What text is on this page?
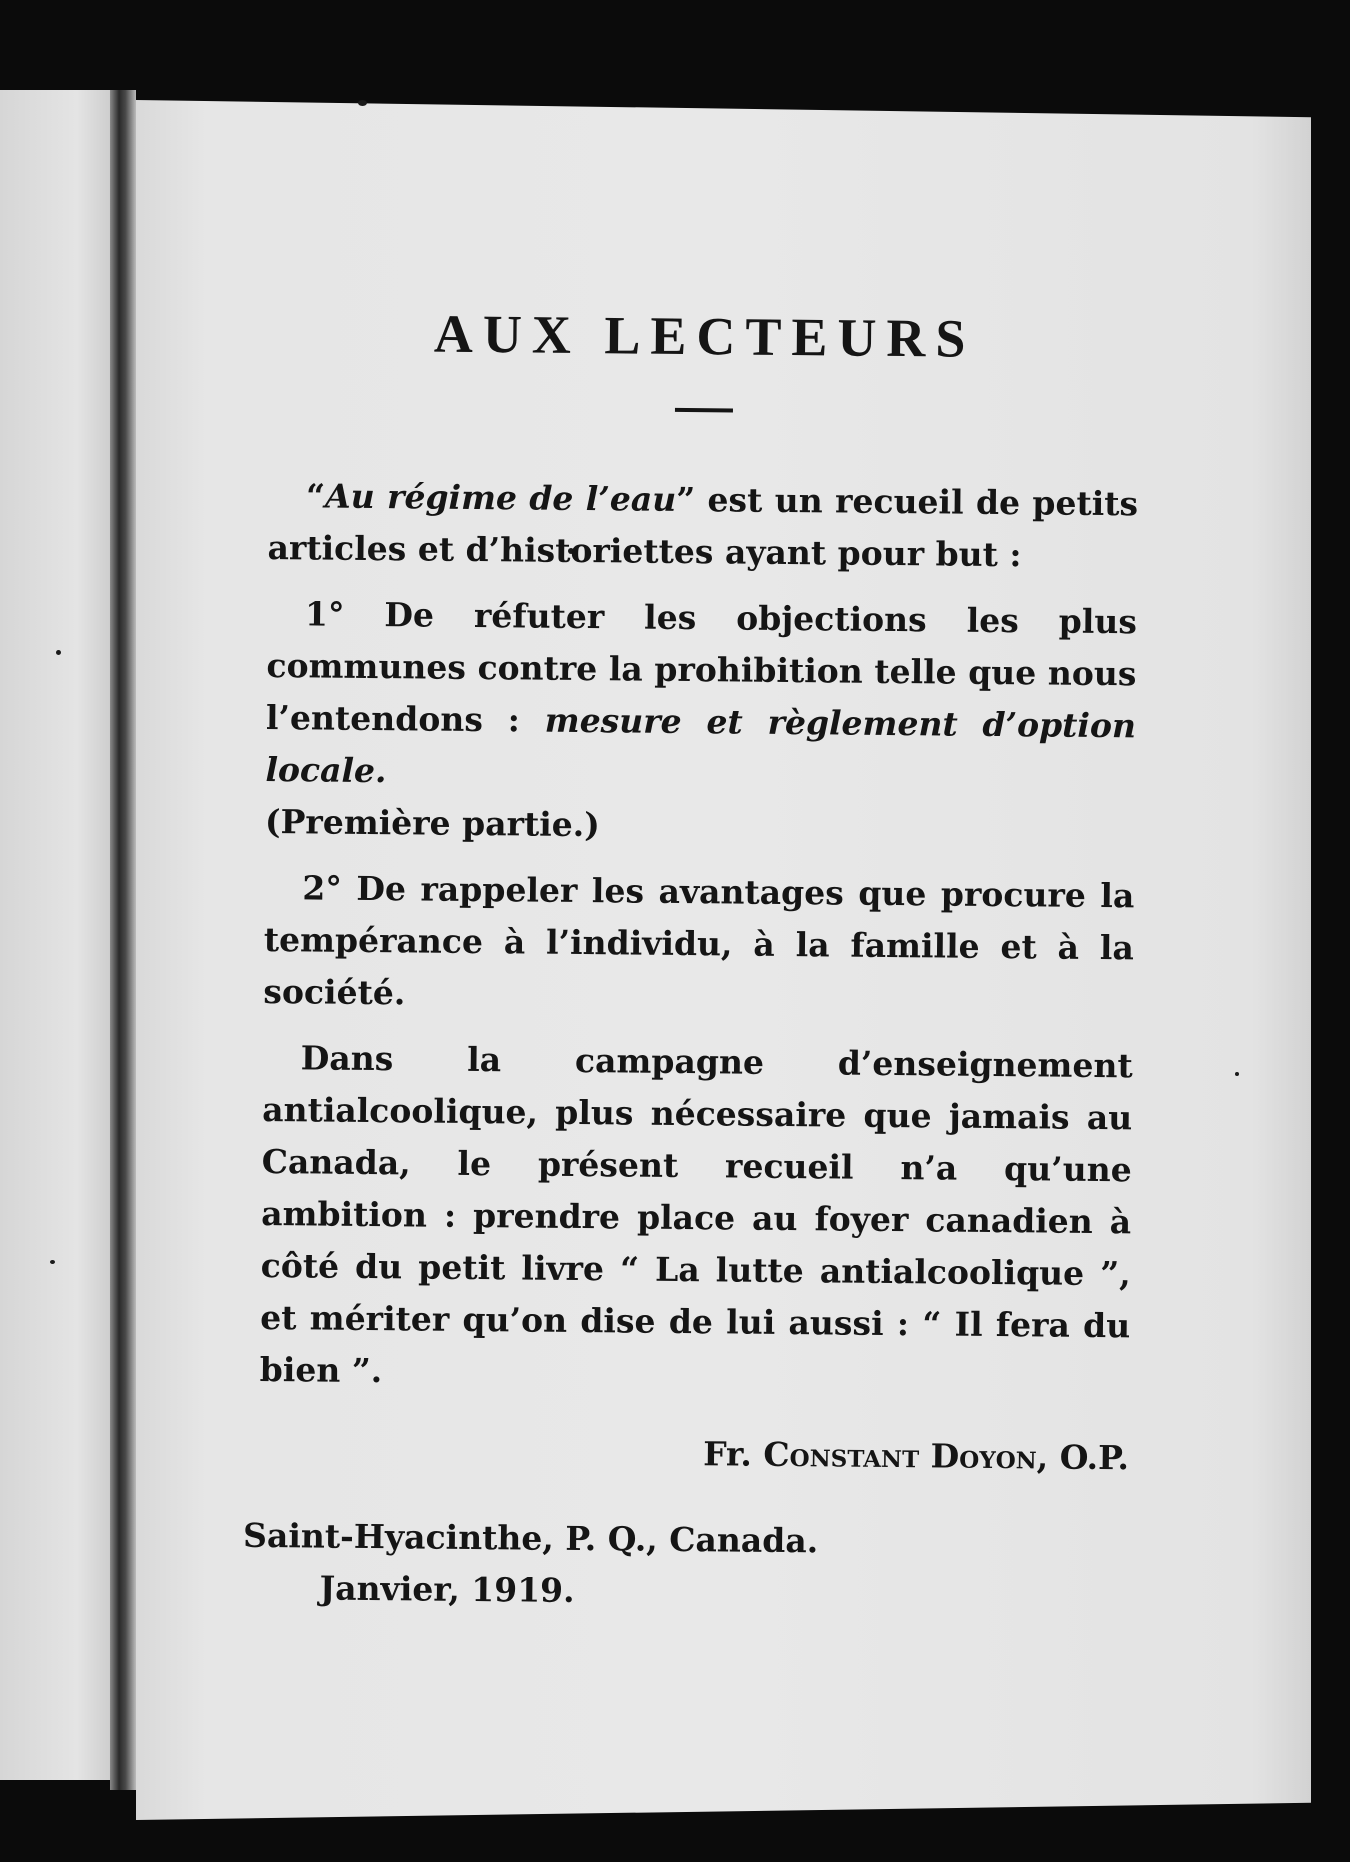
AUX LECTEURS

“Au régime de l’eau” est un recueil de petits articles et d’historiettes ayant pour but :

1° De réfuter les objections les plus communes contre la prohibition telle que nous l’entendons : mesure et règlement d’option locale.
(Première partie.)

2° De rappeler les avantages que procure la tempérance à l’individu, à la famille et à la société.

Dans la campagne d’enseignement antialcoolique, plus nécessaire que jamais au Canada, le présent recueil n’a qu’une ambition : prendre place au foyer canadien à côté du petit livre “ La lutte antialcoolique ”, et mériter qu’on dise de lui aussi : “ Il fera du bien ”.

Fr. Constant Doyon, O.P.

Saint-Hyacinthe, P. Q., Canada.

Janvier, 1919.
